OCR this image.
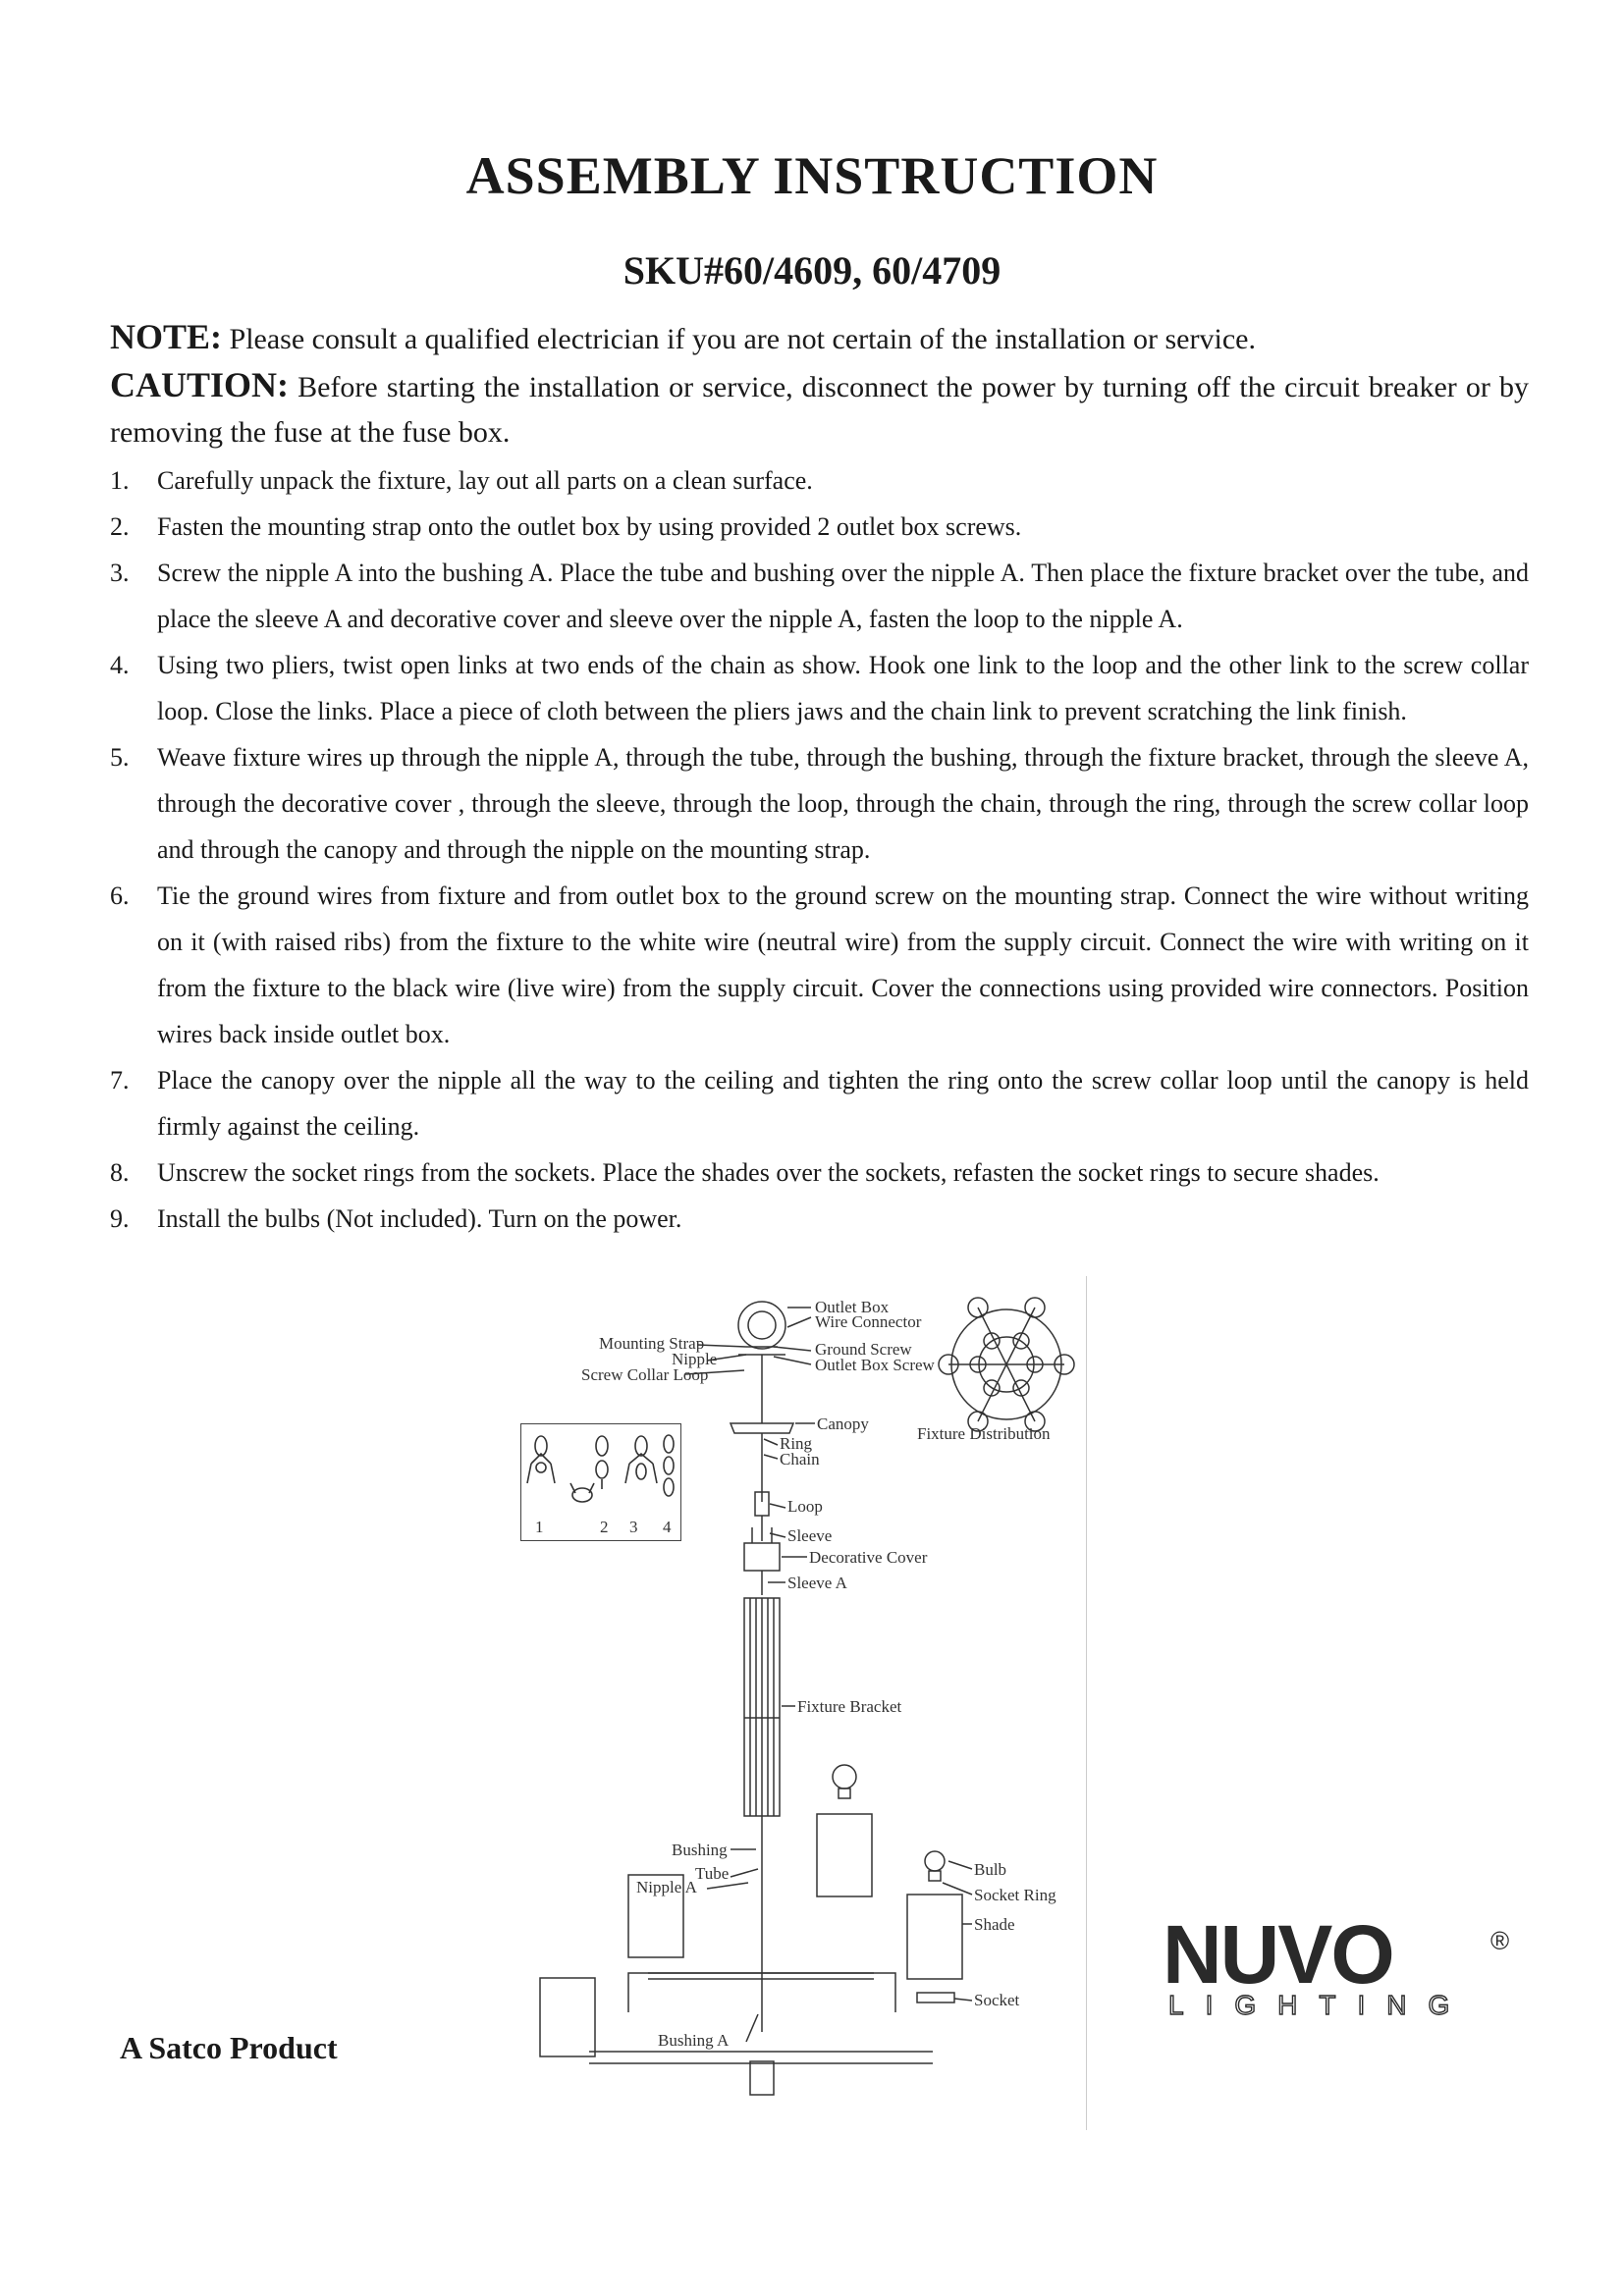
ASSEMBLY INSTRUCTION
SKU#60/4609, 60/4709
NOTE: Please consult a qualified electrician if you are not certain of the installation or service.
CAUTION: Before starting the installation or service, disconnect the power by turning off the circuit breaker or by removing the fuse at the fuse box.
1. Carefully unpack the fixture, lay out all parts on a clean surface.
2. Fasten the mounting strap onto the outlet box by using provided 2 outlet box screws.
3. Screw the nipple A into the bushing A. Place the tube and bushing over the nipple A. Then place the fixture bracket over the tube, and place the sleeve A and decorative cover and sleeve over the nipple A, fasten the loop to the nipple A.
4. Using two pliers, twist open links at two ends of the chain as show. Hook one link to the loop and the other link to the screw collar loop. Close the links. Place a piece of cloth between the pliers jaws and the chain link to prevent scratching the link finish.
5. Weave fixture wires up through the nipple A, through the tube, through the bushing, through the fixture bracket, through the sleeve A, through the decorative cover , through the sleeve, through the loop, through the chain, through the ring, through the screw collar loop and through the canopy and through the nipple on the mounting strap.
6. Tie the ground wires from fixture and from outlet box to the ground screw on the mounting strap. Connect the wire without writing on it (with raised ribs) from the fixture to the white wire (neutral wire) from the supply circuit. Connect the wire with writing on it from the fixture to the black wire (live wire) from the supply circuit. Cover the connections using provided wire connectors. Position wires back inside outlet box.
7. Place the canopy over the nipple all the way to the ceiling and tighten the ring onto the screw collar loop until the canopy is held firmly against the ceiling.
8. Unscrew the socket rings from the sockets. Place the shades over the sockets, refasten the socket rings to secure shades.
9. Install the bulbs (Not included). Turn on the power.
1	2 3 4
Outlet Box
Wire Connector
Mounting Strap
Nipple
Screw Collar Loop
Ground Screw
Outlet Box Screw
Canopy
Ring
Chain
Loop
Sleeve
Decorative Cover
Sleeve A
Fixture Bracket
Bushing
Tube
Nipple A
Bushing A
Bulb
Socket Ring
Shade
Socket
Fixture Distribution
A Satco Product
NUVO
LIGHTING
®
